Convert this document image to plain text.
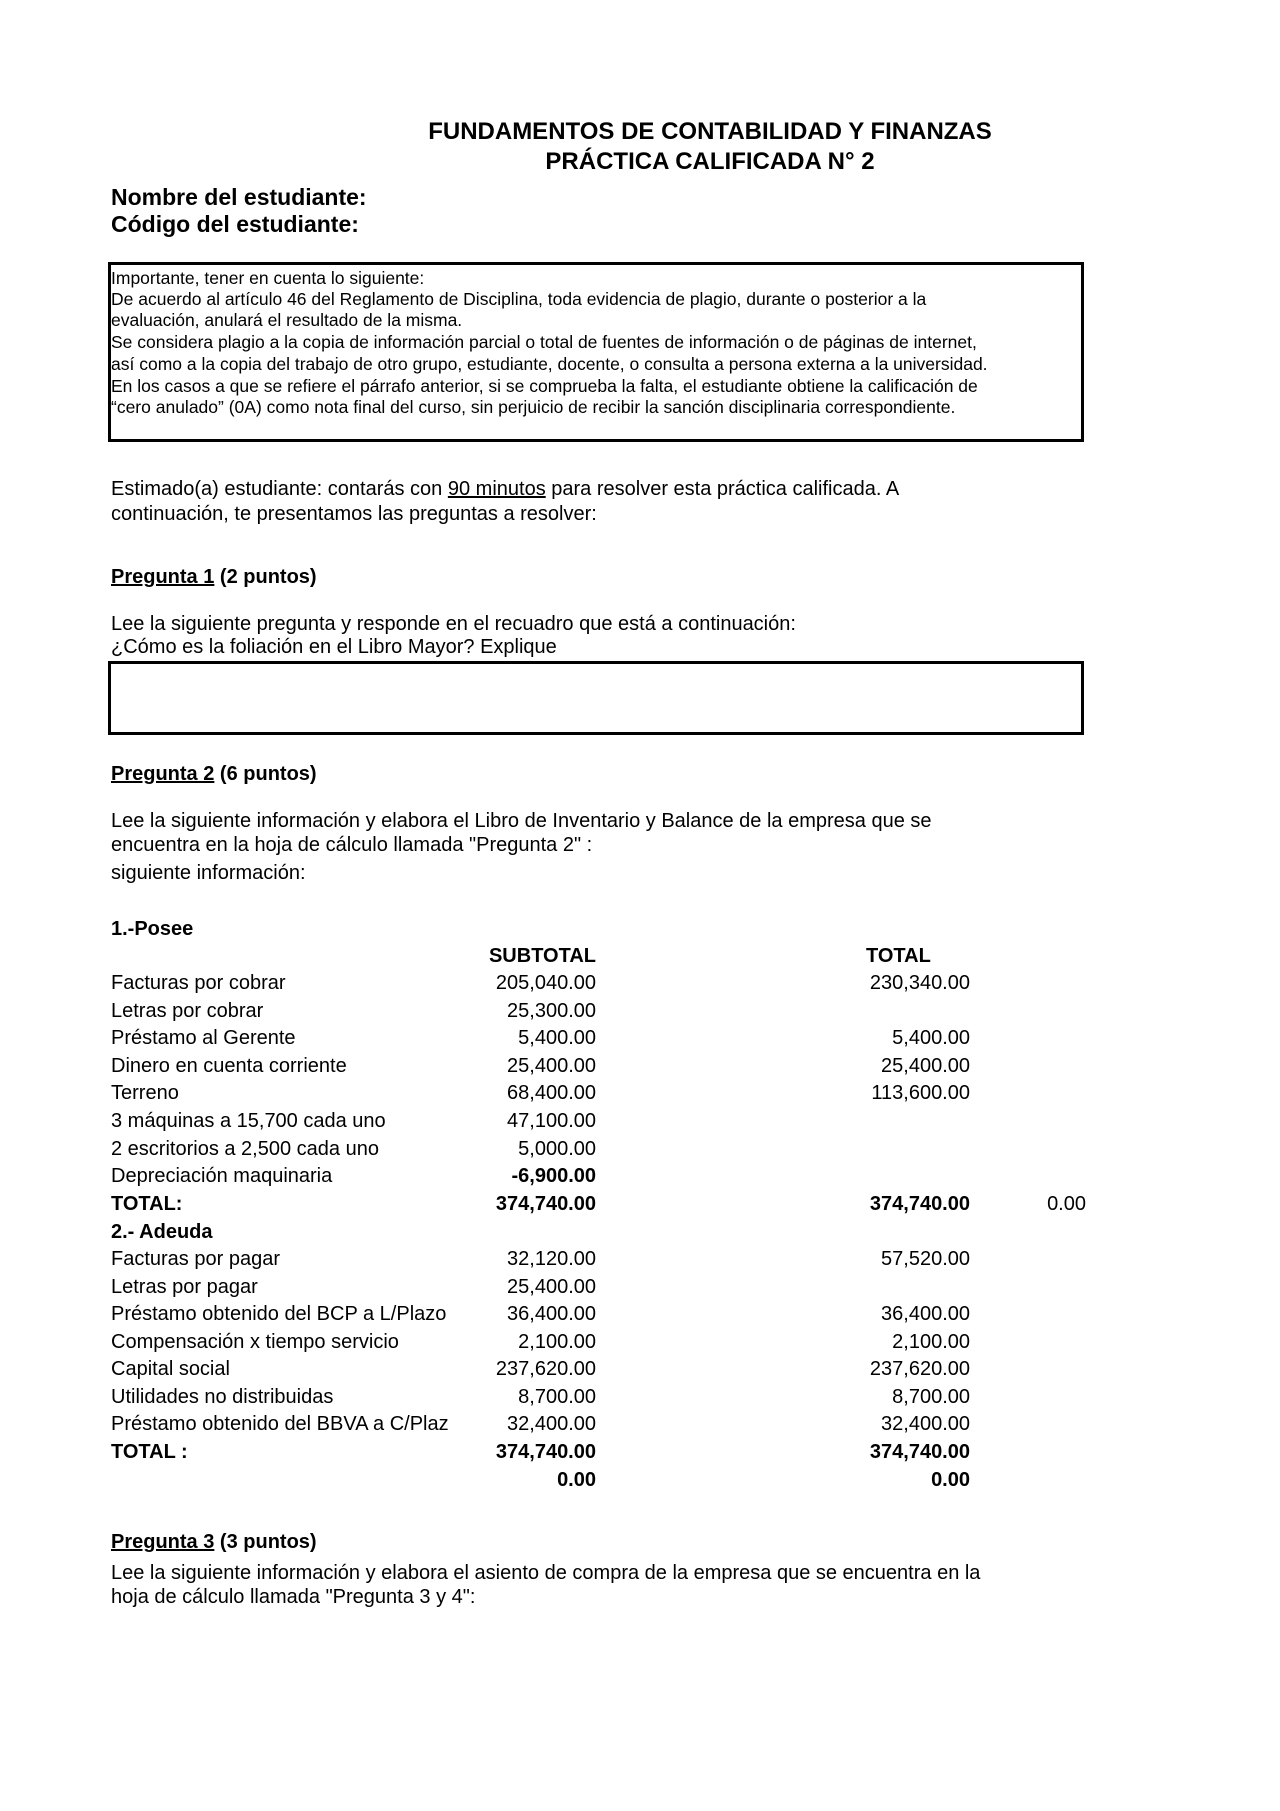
FUNDAMENTOS DE CONTABILIDAD Y FINANZAS
PRÁCTICA CALIFICADA N° 2
Nombre del estudiante:
Código del estudiante:
Importante, tener en cuenta lo siguiente:
De acuerdo al artículo 46 del Reglamento de Disciplina, toda evidencia de plagio, durante o posterior a la
evaluación, anulará el resultado de la misma.
Se considera plagio a la copia de información parcial o total de fuentes de información o de páginas de internet,
así como a la copia del trabajo de otro grupo, estudiante, docente, o consulta a persona externa a la universidad.
En los casos a que se refiere el párrafo anterior, si se comprueba la falta, el estudiante obtiene la calificación de
“cero anulado” (0A) como nota final del curso, sin perjuicio de recibir la sanción disciplinaria correspondiente.
Estimado(a) estudiante: contarás con 90 minutos para resolver esta práctica calificada. A
continuación, te presentamos las preguntas a resolver:
Pregunta 1 (2 puntos)
Lee la siguiente pregunta y responde en el recuadro que está a continuación:
¿Cómo es la foliación en el Libro Mayor? Explique
Pregunta 2 (6 puntos)
Lee la siguiente información y elabora el Libro de Inventario y Balance de la empresa que se
encuentra en la hoja de cálculo llamada "Pregunta 2" :
siguiente información:
1.-Posee
SUBTOTAL	TOTAL
Facturas por cobrar	205,040.00	230,340.00
Letras por cobrar	25,300.00
Préstamo al Gerente	5,400.00	5,400.00
Dinero en cuenta corriente	25,400.00	25,400.00
Terreno	68,400.00	113,600.00
3 máquinas a 15,700 cada uno	47,100.00
2 escritorios a 2,500 cada uno	5,000.00
Depreciación maquinaria	-6,900.00
TOTAL:	374,740.00	374,740.00	0.00
2.- Adeuda
Facturas por pagar	32,120.00	57,520.00
Letras por pagar	25,400.00
Préstamo obtenido del BCP a L/Plazo	36,400.00	36,400.00
Compensación x tiempo servicio	2,100.00	2,100.00
Capital social	237,620.00	237,620.00
Utilidades no distribuidas	8,700.00	8,700.00
Préstamo obtenido del BBVA a C/Plaz	32,400.00	32,400.00
TOTAL :	374,740.00	374,740.00
0.00	0.00
Pregunta 3 (3 puntos)
Lee la siguiente información y elabora el asiento de compra de la empresa que se encuentra en la
hoja de cálculo llamada "Pregunta 3 y 4":
